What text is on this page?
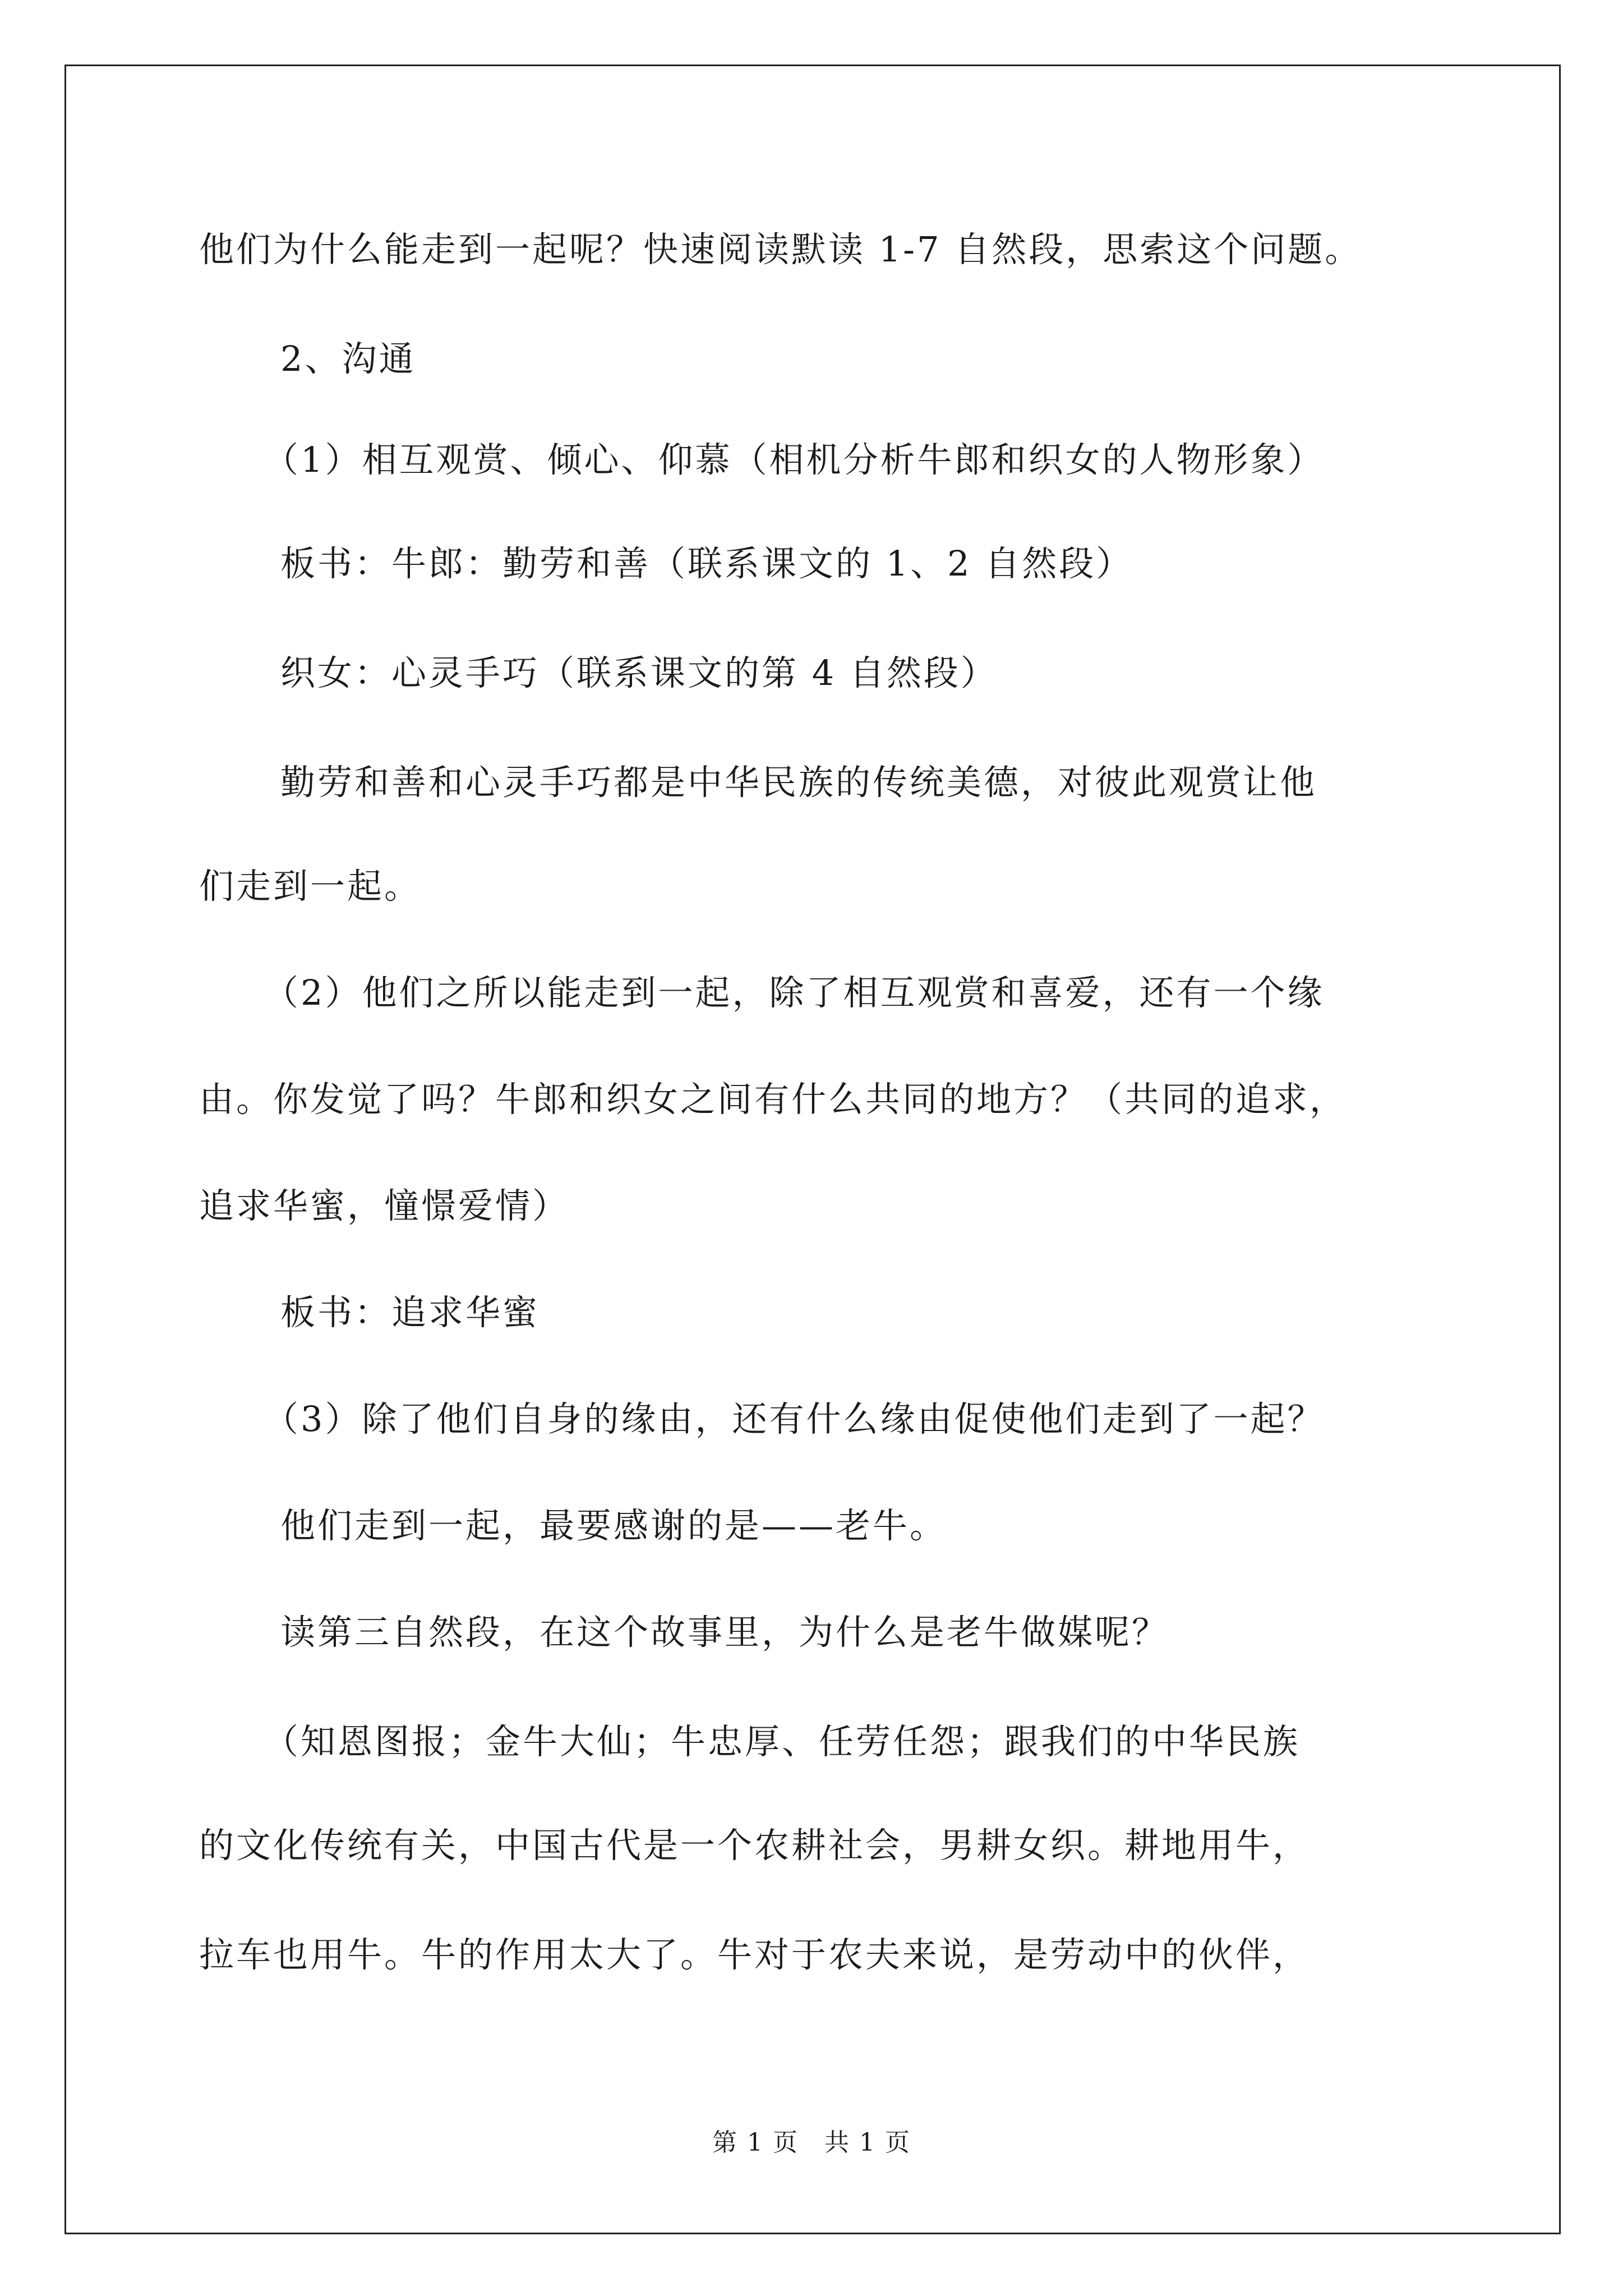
他们为什么能走到一起呢？快速阅读默读 1-7 自然段，思索这个问题。
2、沟通
（1）相互观赏、倾心、仰慕（相机分析牛郎和织女的人物形象）
板书：牛郎：勤劳和善（联系课文的 1、2 自然段）
织女：心灵手巧（联系课文的第 4 自然段）
勤劳和善和心灵手巧都是中华民族的传统美德，对彼此观赏让他
们走到一起。
（2）他们之所以能走到一起，除了相互观赏和喜爱，还有一个缘
由。你发觉了吗？牛郎和织女之间有什么共同的地方？（共同的追求，
追求华蜜，憧憬爱情）
板书：追求华蜜
（3）除了他们自身的缘由，还有什么缘由促使他们走到了一起？
他们走到一起，最要感谢的是——老牛。
读第三自然段，在这个故事里，为什么是老牛做媒呢？
（知恩图报；金牛大仙；牛忠厚、任劳任怨；跟我们的中华民族
的文化传统有关，中国古代是一个农耕社会，男耕女织。耕地用牛，
拉车也用牛。牛的作用太大了。牛对于农夫来说，是劳动中的伙伴，
第 1 页　共 1 页
